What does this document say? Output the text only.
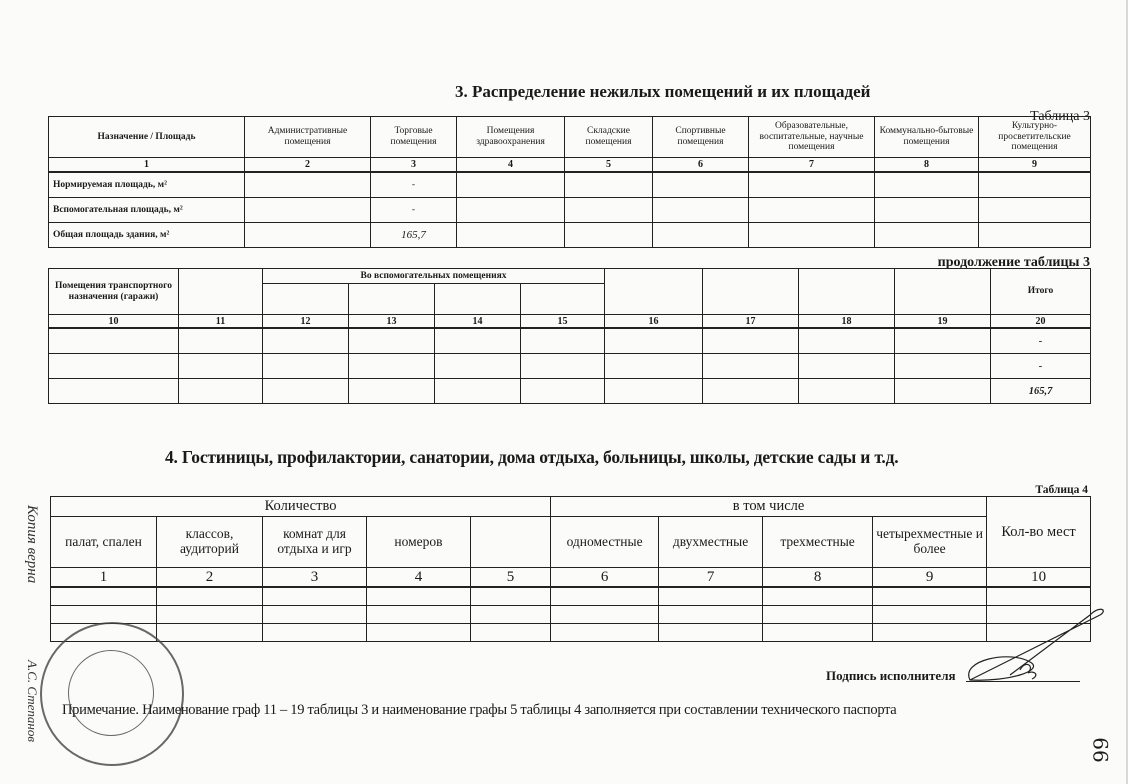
3. Распределение нежилых помещений и их площадей
Таблица 3
Назначение / Площадь	Административные помещения	Торговые помещения	Помещения здравоохранения	Складские помещения	Спортивные помещения	Образовательные, воспитательные, научные помещения	Коммунально-бытовые помещения	Культурно-просветительские помещения
1	2	3	4	5	6	7	8	9
Нормируемая площадь, м²		-						
Вспомогательная площадь, м²		-						
Общая площадь здания, м²		165,7						
продолжение таблицы 3
Помещения транспортного назначения (гаражи)		Во вспомогательных помещениях								Итого

10	11	12	13	14	15	16	17	18	19	20
										-
										-
										165,7
4. Гостиницы, профилактории, санатории, дома отдыха, больницы, школы, детские сады и т.д.
Таблица 4
Количество					в том числе				Кол-во мест
палат, спален	классов, аудиторий	комнат для отдыха и игр	номеров		одноместные	двухместные	трехместные	четырехместные и более	
1	2	3	4	5	6	7	8	9	10

Подпись исполнителя
Примечание. Наименование граф 11 – 19 таблицы 3 и наименование графы 5 таблицы 4 заполняется при составлении технического паспорта
Копия верна
А.С. Степанов
66
